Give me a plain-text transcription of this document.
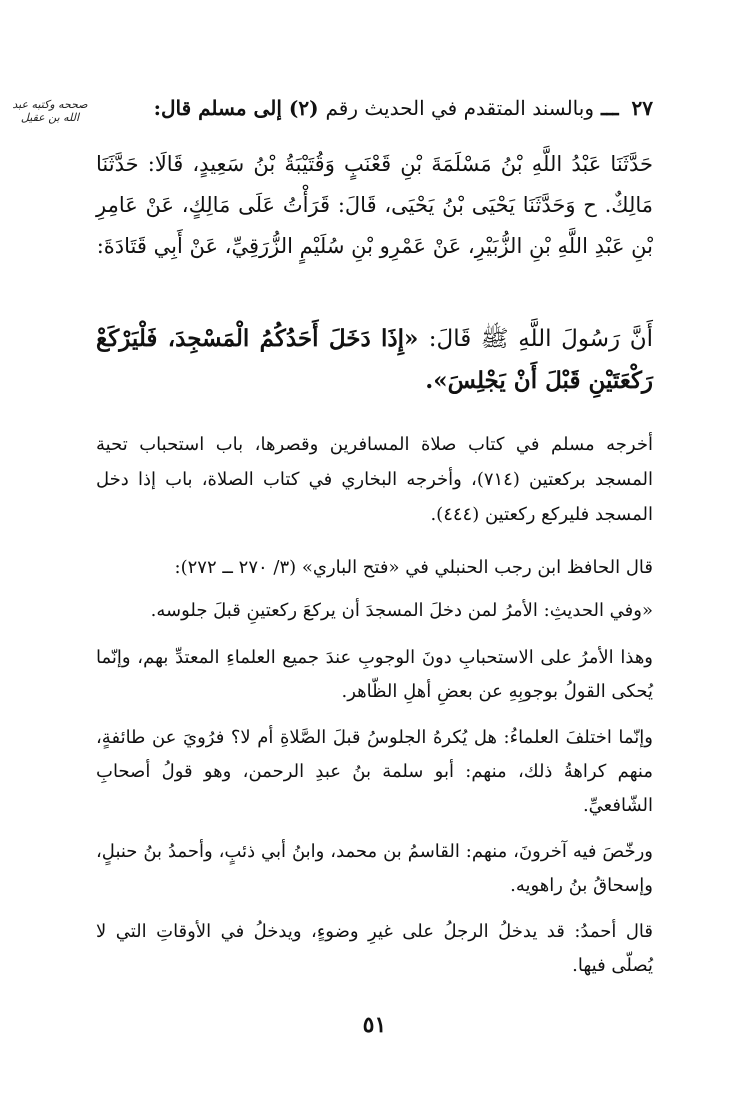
صححه وكتبه عبد الله بن عقيل	٢٧ ـــ وبالسند المتقدم في الحديث رقم (٢) إلى مسلم قال:
حَدَّثَنَا عَبْدُ اللَّهِ بْنُ مَسْلَمَةَ بْنِ قَعْنَبٍ وَقُتَيْبَةُ بْنُ سَعِيدٍ، قَالَا: حَدَّثَنَا مَالِكٌ. ح وَحَدَّثَنَا يَحْيَى بْنُ يَحْيَى، قَالَ: قَرَأْتُ عَلَى مَالِكٍ، عَنْ عَامِرِ بْنِ عَبْدِ اللَّهِ بْنِ الزُّبَيْرِ، عَنْ عَمْرِو بْنِ سُلَيْمٍ الزُّرَقِيِّ، عَنْ أَبِي قَتَادَةَ:
أَنَّ رَسُولَ اللَّهِ ﷺ قَالَ: «إِذَا دَخَلَ أَحَدُكُمُ الْمَسْجِدَ، فَلْيَرْكَعْ رَكْعَتَيْنِ قَبْلَ أَنْ يَجْلِسَ».
أخرجه مسلم في كتاب صلاة المسافرين وقصرها، باب استحباب تحية المسجد بركعتين (٧١٤)، وأخرجه البخاري في كتاب الصلاة، باب إذا دخل المسجد فليركع ركعتين (٤٤٤).
قال الحافظ ابن رجب الحنبلي في «فتح الباري» (٣/ ٢٧٠ ــ ٢٧٢):
«وفي الحديثِ: الأمرُ لمن دخلَ المسجدَ أن يركعَ ركعتينِ قبلَ جلوسه.
وهذا الأمرُ على الاستحبابِ دونَ الوجوبِ عندَ جميع العلماءِ المعتدِّ بهم، وإنّما يُحكى القولُ بوجوبِهِ عن بعضِ أهلِ الظّاهر.
وإنّما اختلفَ العلماءُ: هل يُكرهُ الجلوسُ قبلَ الصَّلاةِ أم لا؟ فرُويَ عن طائفةٍ، منهم كراهةُ ذلك، منهم: أبو سلمة بنُ عبدِ الرحمن، وهو قولُ أصحابِ الشّافعيِّ.
ورخّصَ فيه آخرونَ، منهم: القاسمُ بن محمد، وابنُ أبي ذئبٍ، وأحمدُ بنُ حنبلٍ، وإسحاقُ بنُ راهويه.
قال أحمدُ: قد يدخلُ الرجلُ على غيرِ وضوءٍ، ويدخلُ في الأوقاتِ التي لا يُصلّى فيها.
٥١
